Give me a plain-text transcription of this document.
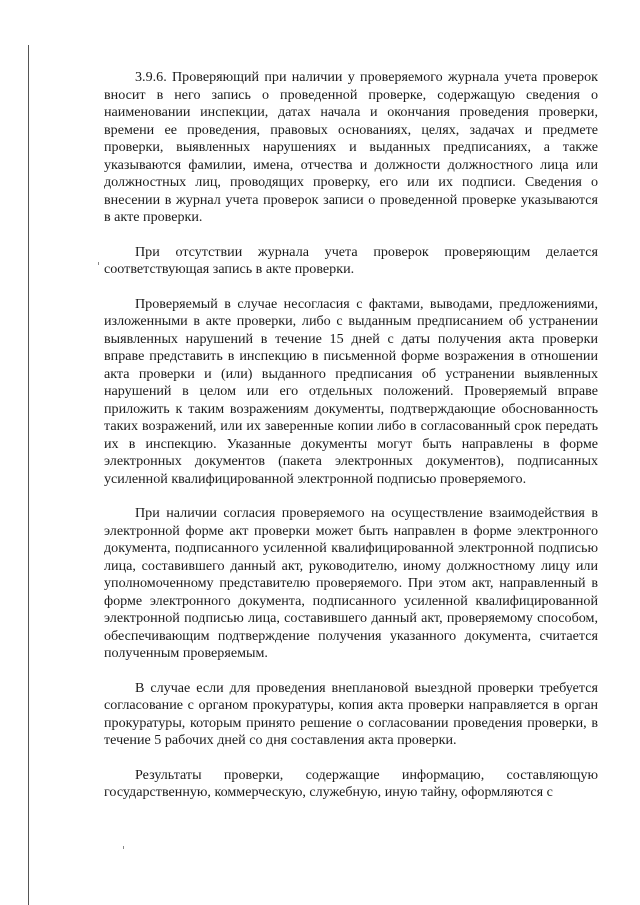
3.9.6. Проверяющий при наличии у проверяемого журнала учета проверок вносит в него запись о проведенной проверке, содержащую сведения о наименовании инспекции, датах начала и окончания проведения проверки, времени ее проведения, правовых основаниях, целях, задачах и предмете проверки, выявленных нарушениях и выданных предписаниях, а также указываются фамилии, имена, отчества и должности должностного лица или должностных лиц, проводящих проверку, его или их подписи. Сведения о внесении в журнал учета проверок записи о проведенной проверке указываются в акте проверки.

При отсутствии журнала учета проверок проверяющим делается соответствующая запись в акте проверки.

Проверяемый в случае несогласия с фактами, выводами, предложениями, изложенными в акте проверки, либо с выданным предписанием об устранении выявленных нарушений в течение 15 дней с даты получения акта проверки вправе представить в инспекцию в письменной форме возражения в отношении акта проверки и (или) выданного предписания об устранении выявленных нарушений в целом или его отдельных положений. Проверяемый вправе приложить к таким возражениям документы, подтверждающие обоснованность таких возражений, или их заверенные копии либо в согласованный срок передать их в инспекцию. Указанные документы могут быть направлены в форме электронных документов (пакета электронных документов), подписанных усиленной квалифицированной электронной подписью проверяемого.

При наличии согласия проверяемого на осуществление взаимодействия в электронной форме акт проверки может быть направлен в форме электронного документа, подписанного усиленной квалифицированной электронной подписью лица, составившего данный акт, руководителю, иному должностному лицу или уполномоченному представителю проверяемого. При этом акт, направленный в форме электронного документа, подписанного усиленной квалифицированной электронной подписью лица, составившего данный акт, проверяемому способом, обеспечивающим подтверждение получения указанного документа, считается полученным проверяемым.

В случае если для проведения внеплановой выездной проверки требуется согласование с органом прокуратуры, копия акта проверки направляется в орган прокуратуры, которым принято решение о согласовании проведения проверки, в течение 5 рабочих дней со дня составления акта проверки.

Результаты проверки, содержащие информацию, составляющую государственную, коммерческую, служебную, иную тайну, оформляются с
